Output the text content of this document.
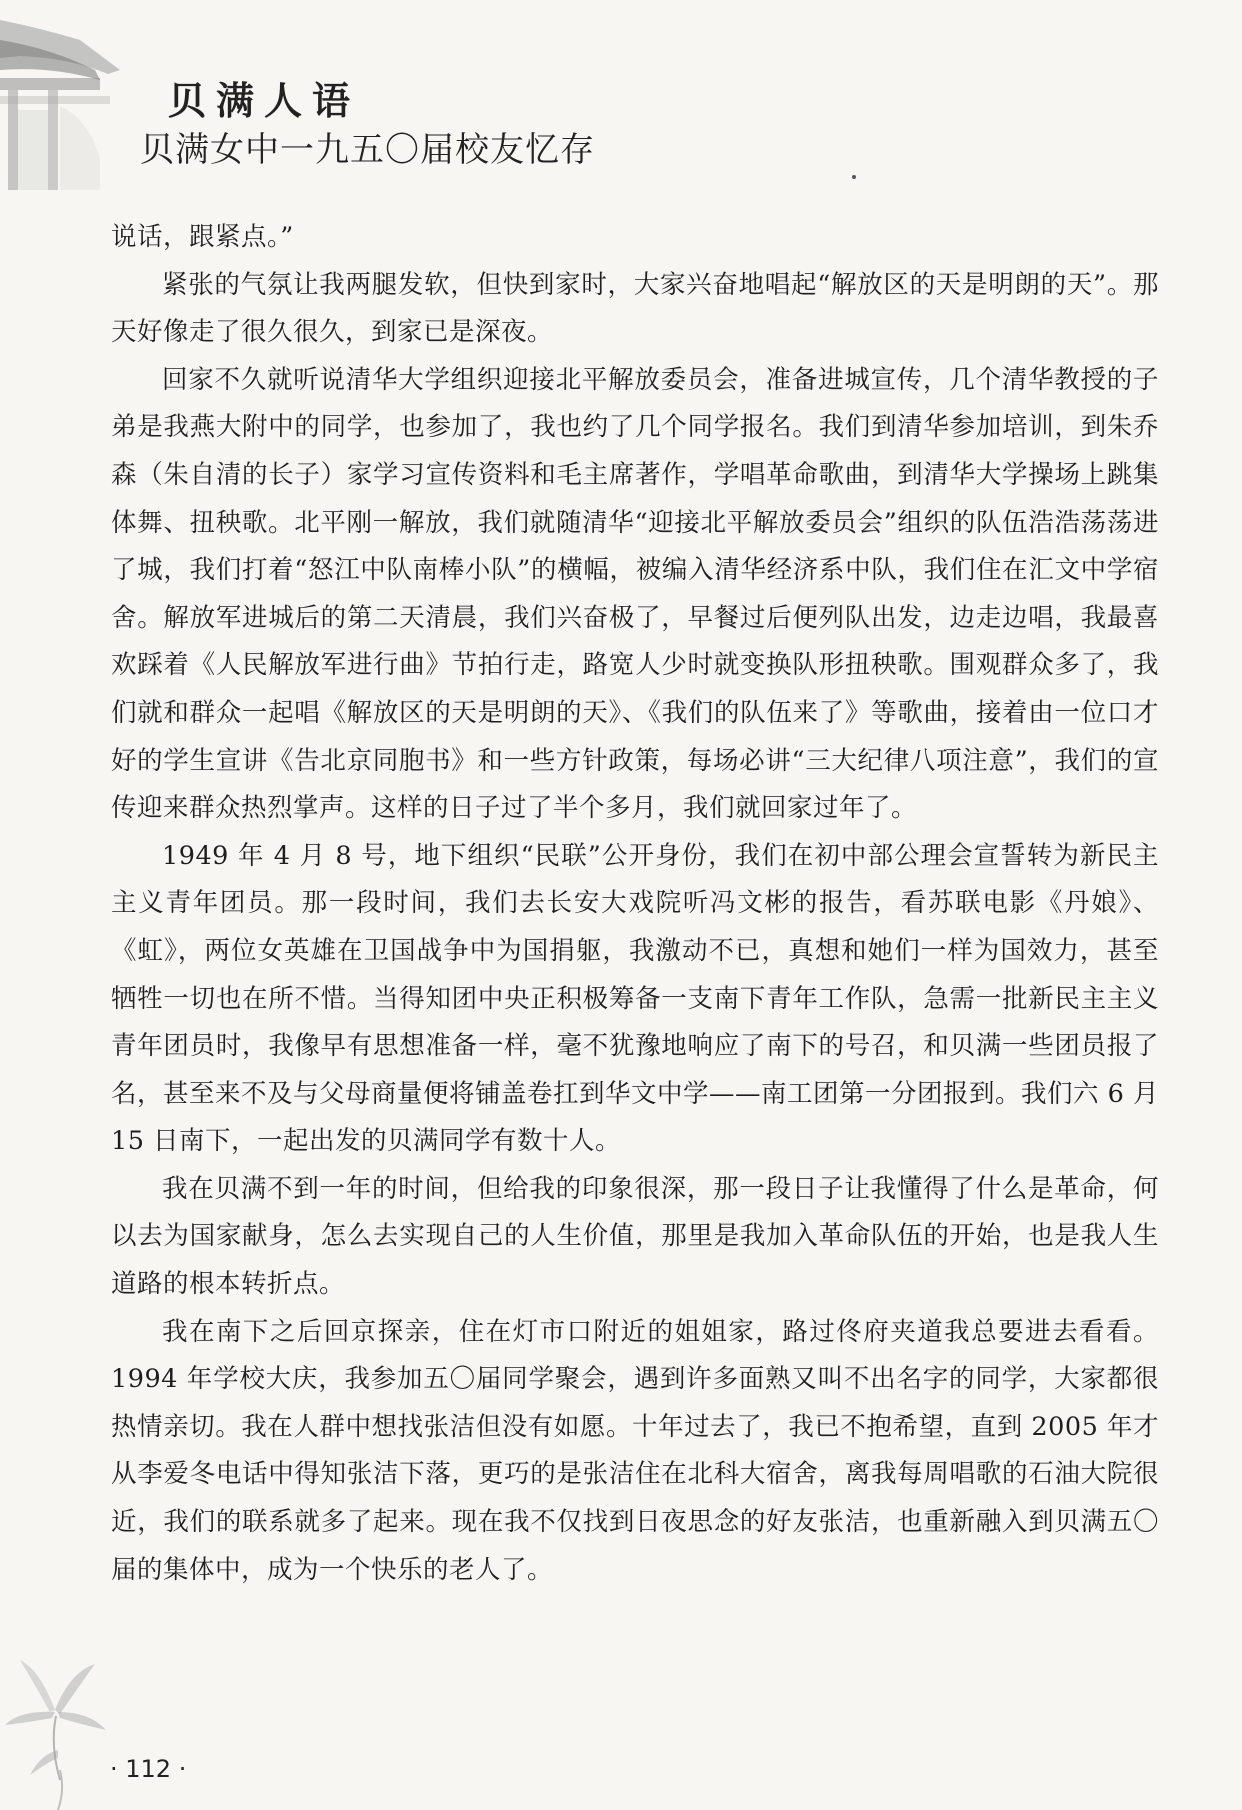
贝满人语
贝满女中一九五〇届校友忆存

说话，跟紧点。”

紧张的气氛让我两腿发软，但快到家时，大家兴奋地唱起“解放区的天是明朗的天”。那天好像走了很久很久，到家已是深夜。

回家不久就听说清华大学组织迎接北平解放委员会，准备进城宣传，几个清华教授的子弟是我燕大附中的同学，也参加了，我也约了几个同学报名。我们到清华参加培训，到朱乔森（朱自清的长子）家学习宣传资料和毛主席著作，学唱革命歌曲，到清华大学操场上跳集体舞、扭秧歌。北平刚一解放，我们就随清华“迎接北平解放委员会”组织的队伍浩浩荡荡进了城，我们打着“怒江中队南棒小队”的横幅，被编入清华经济系中队，我们住在汇文中学宿舍。解放军进城后的第二天清晨，我们兴奋极了，早餐过后便列队出发，边走边唱，我最喜欢踩着《人民解放军进行曲》节拍行走，路宽人少时就变换队形扭秧歌。围观群众多了，我们就和群众一起唱《解放区的天是明朗的天》、《我们的队伍来了》等歌曲，接着由一位口才好的学生宣讲《告北京同胞书》和一些方针政策，每场必讲“三大纪律八项注意”，我们的宣传迎来群众热烈掌声。这样的日子过了半个多月，我们就回家过年了。

1949 年 4 月 8 号，地下组织“民联”公开身份，我们在初中部公理会宣誓转为新民主主义青年团员。那一段时间，我们去长安大戏院听冯文彬的报告，看苏联电影《丹娘》、《虹》，两位女英雄在卫国战争中为国捐躯，我激动不已，真想和她们一样为国效力，甚至牺牲一切也在所不惜。当得知团中央正积极筹备一支南下青年工作队，急需一批新民主主义青年团员时，我像早有思想准备一样，毫不犹豫地响应了南下的号召，和贝满一些团员报了名，甚至来不及与父母商量便将铺盖卷扛到华文中学——南工团第一分团报到。我们六 6 月 15 日南下，一起出发的贝满同学有数十人。

我在贝满不到一年的时间，但给我的印象很深，那一段日子让我懂得了什么是革命，何以去为国家献身，怎么去实现自己的人生价值，那里是我加入革命队伍的开始，也是我人生道路的根本转折点。

我在南下之后回京探亲，住在灯市口附近的姐姐家，路过佟府夹道我总要进去看看。1994 年学校大庆，我参加五〇届同学聚会，遇到许多面熟又叫不出名字的同学，大家都很热情亲切。我在人群中想找张洁但没有如愿。十年过去了，我已不抱希望，直到 2005 年才从李爱冬电话中得知张洁下落，更巧的是张洁住在北科大宿舍，离我每周唱歌的石油大院很近，我们的联系就多了起来。现在我不仅找到日夜思念的好友张洁，也重新融入到贝满五〇届的集体中，成为一个快乐的老人了。

· 112 ·
